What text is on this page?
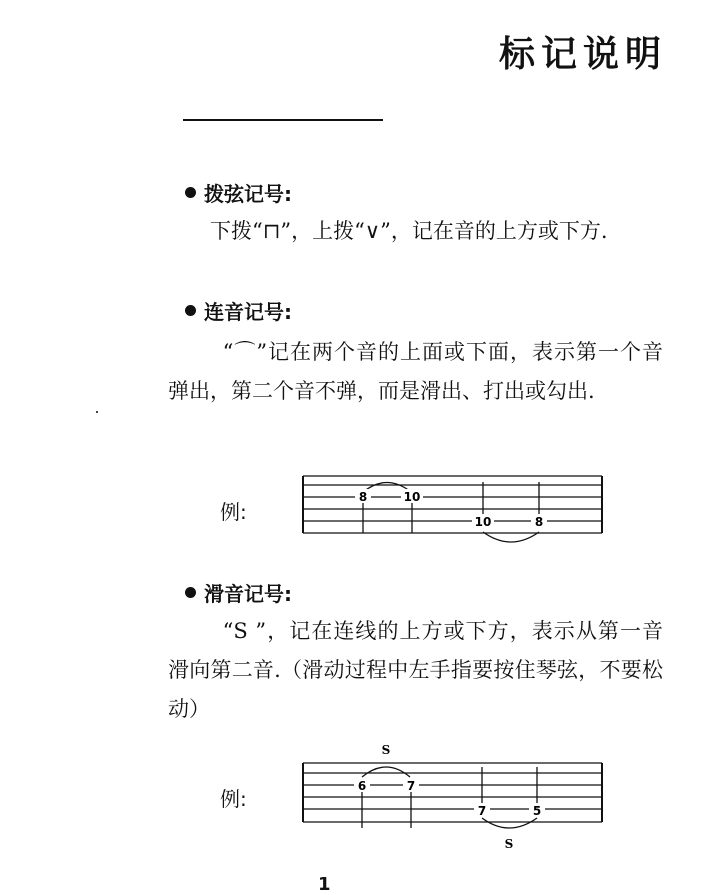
标记说明
拨弦记号:

下拨“⊓”，上拨“∨”，记在音的上方或下方.

连音记号:

“⌒”记在两个音的上面或下面，表示第一个音弹出，第二个音不弹，而是滑出、打出或勾出.

例:
8	10
10	8
滑音记号:

“S ”，记在连线的上方或下方，表示从第一音滑向第二音.（滑动过程中左手指要按住琴弦，不要松动）

例:
6	7
7	5
S
S
1
